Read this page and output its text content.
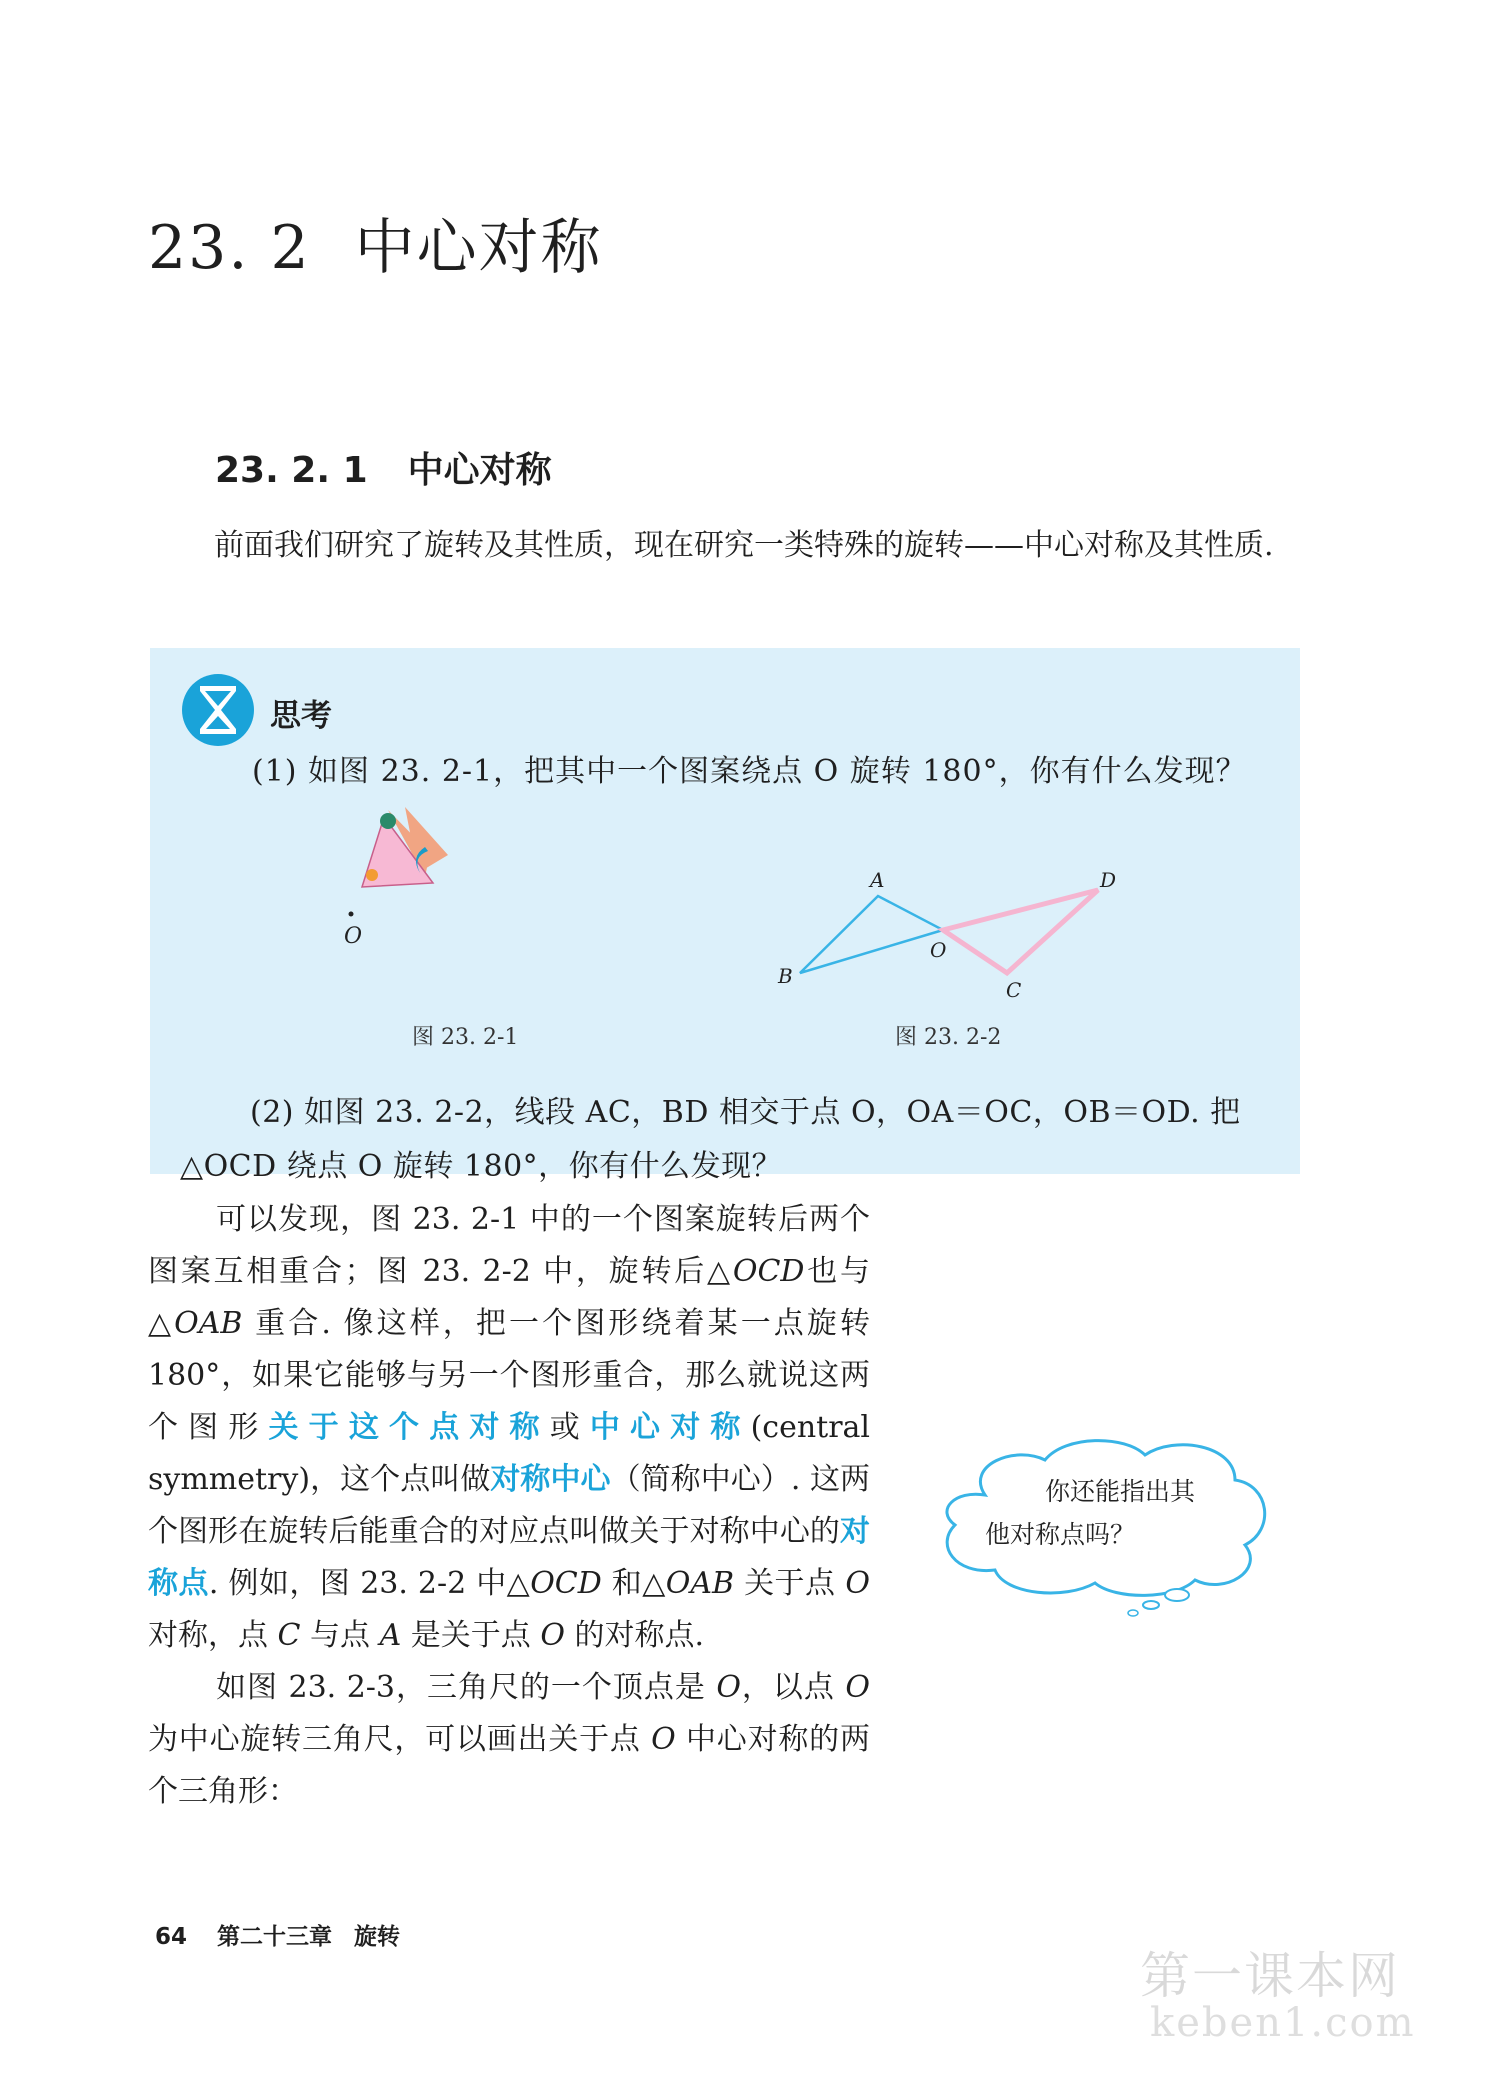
23. 2 中心对称
23. 2. 1 中心对称

前面我们研究了旋转及其性质，现在研究一类特殊的旋转——中心对称及其性质.

思考
(1) 如图 23. 2-1，把其中一个图案绕点 O 旋转 180°，你有什么发现？
O
图 23. 2-1
A	D
O
B
C
图 23. 2-2

(2) 如图 23. 2-2，线段 AC，BD 相交于点 O，OA＝OC，OB＝OD. 把△OCD 绕点 O 旋转 180°，你有什么发现？

可以发现，图 23. 2-1 中的一个图案旋转后两个图案互相重合；图 23. 2-2 中，旋转后△OCD也与△OAB 重合. 像这样，把一个图形绕着某一点旋转 180°，如果它能够与另一个图形重合，那么就说这两个图形关于这个点对称或中心对称(central symmetry)，这个点叫做对称中心（简称中心）. 这两个图形在旋转后能重合的对应点叫做关于对称中心的对称点. 例如，图 23. 2-2 中△OCD 和△OAB 关于点 O 对称，点 C 与点 A 是关于点 O 的对称点.

如图 23. 2-3，三角尺的一个顶点是 O，以点 O 为中心旋转三角尺，可以画出关于点 O 中心对称的两个三角形：

你还能指出其
他对称点吗？
64 第二十三章 旋转
第一课本网
keben1.com
